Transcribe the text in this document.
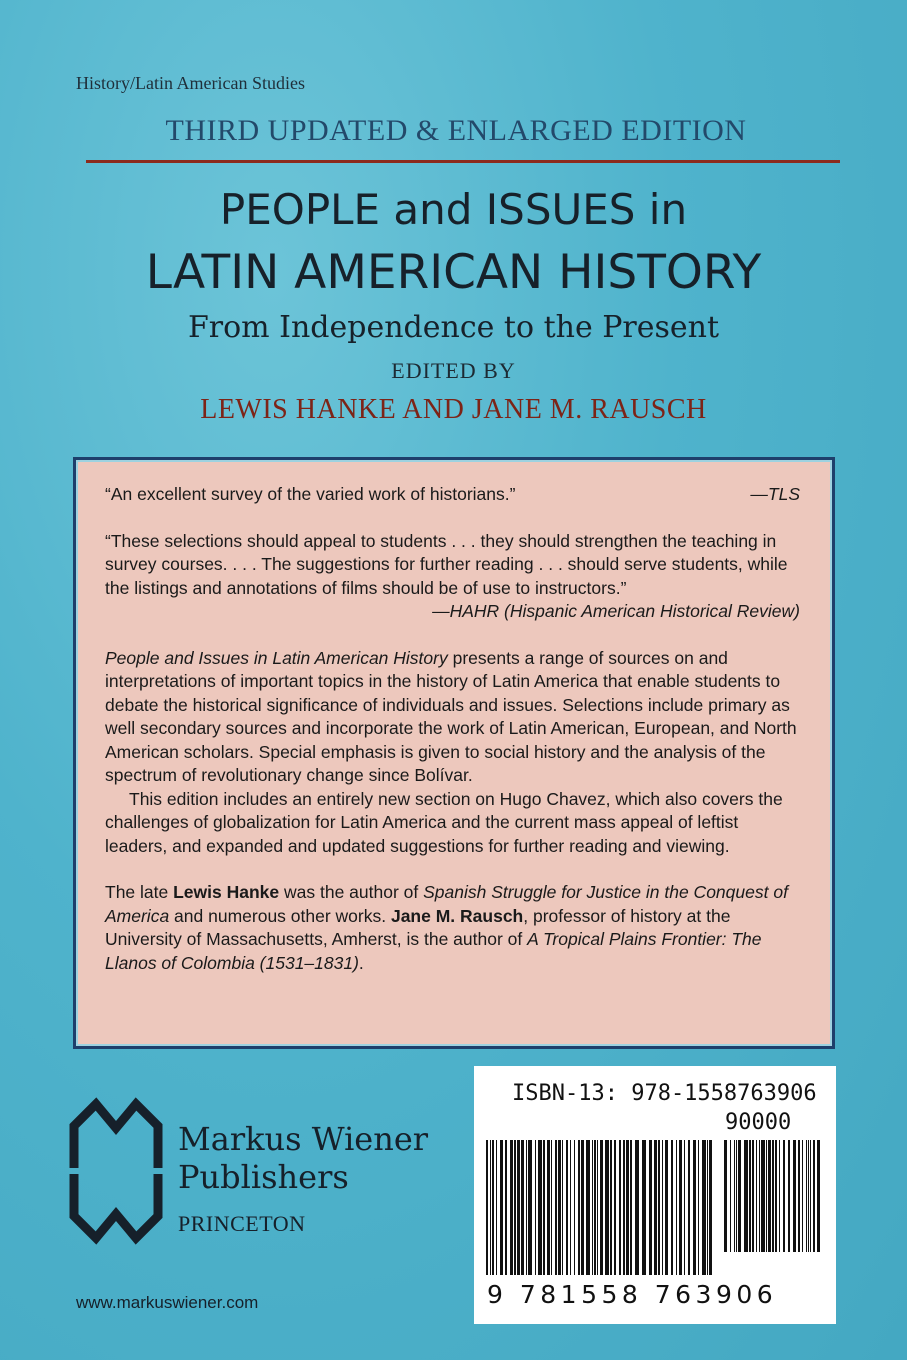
History/Latin American Studies
THIRD UPDATED & ENLARGED EDITION
PEOPLE and ISSUES in
LATIN AMERICAN HISTORY
From Independence to the Present
EDITED BY
LEWIS HANKE AND JANE M. RAUSCH

“An excellent survey of the varied work of historians.”	—TLS

“These selections should appeal to students . . . they should strengthen the teaching in survey courses. . . . The suggestions for further reading . . . should serve students, while the listings and annotations of films should be of use to instructors.”
—HAHR (Hispanic American Historical Review)

People and Issues in Latin American History presents a range of sources on and interpretations of important topics in the history of Latin America that enable students to debate the historical significance of individuals and issues. Selections include primary as well secondary sources and incorporate the work of Latin American, European, and North American scholars. Special emphasis is given to social history and the analysis of the spectrum of revolutionary change since Bolívar.

This edition includes an entirely new section on Hugo Chavez, which also covers the challenges of globalization for Latin America and the current mass appeal of leftist leaders, and expanded and updated suggestions for further reading and viewing.

The late Lewis Hanke was the author of Spanish Struggle for Justice in the Conquest of America and numerous other works. Jane M. Rausch, professor of history at the University of Massachusetts, Amherst, is the author of A Tropical Plains Frontier: The Llanos of Colombia (1531–1831).

Markus Wiener
Publishers
PRINCETON
www.markuswiener.com
ISBN-13: 978-1558763906
90000
9 781558 763906
